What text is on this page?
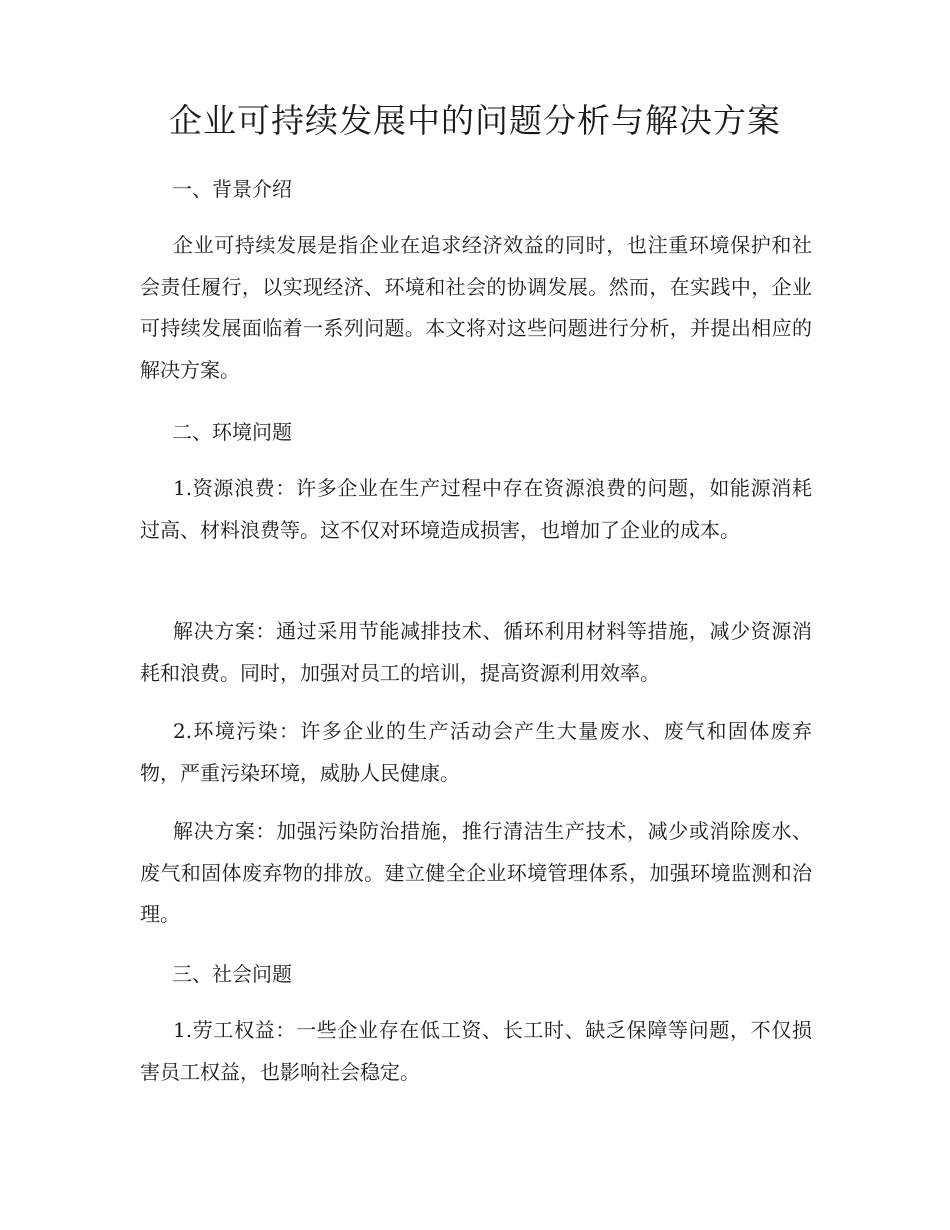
企业可持续发展中的问题分析与解决方案
一、背景介绍

企业可持续发展是指企业在追求经济效益的同时，也注重环境保护和社会责任履行，以实现经济、环境和社会的协调发展。然而，在实践中，企业可持续发展面临着一系列问题。本文将对这些问题进行分析，并提出相应的解决方案。

二、环境问题

1.资源浪费：许多企业在生产过程中存在资源浪费的问题，如能源消耗过高、材料浪费等。这不仅对环境造成损害，也增加了企业的成本。

解决方案：通过采用节能减排技术、循环利用材料等措施，减少资源消耗和浪费。同时，加强对员工的培训，提高资源利用效率。

2.环境污染：许多企业的生产活动会产生大量废水、废气和固体废弃物，严重污染环境，威胁人民健康。

解决方案：加强污染防治措施，推行清洁生产技术，减少或消除废水、废气和固体废弃物的排放。建立健全企业环境管理体系，加强环境监测和治理。

三、社会问题

1.劳工权益：一些企业存在低工资、长工时、缺乏保障等问题，不仅损害员工权益，也影响社会稳定。
